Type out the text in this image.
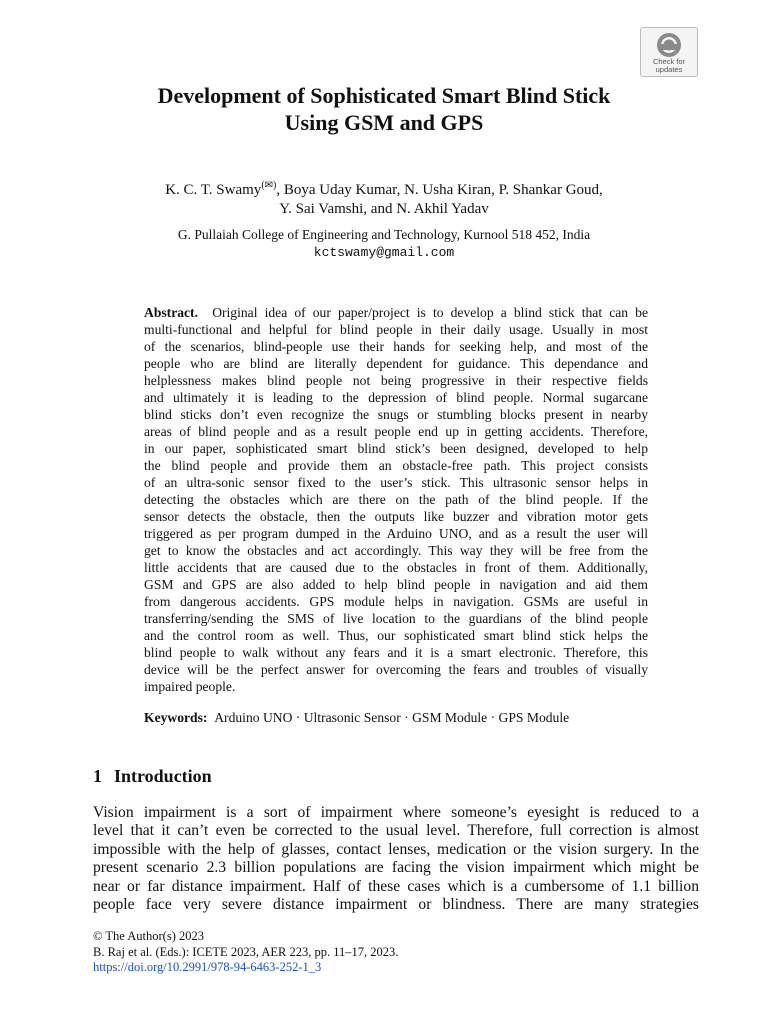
Check for
updates
Development of Sophisticated Smart Blind Stick
Using GSM and GPS
K. C. T. Swamy(✉), Boya Uday Kumar, N. Usha Kiran, P. Shankar Goud,
Y. Sai Vamshi, and N. Akhil Yadav
G. Pullaiah College of Engineering and Technology, Kurnool 518 452, India
kctswamy@gmail.com
Abstract. Original idea of our paper/project is to develop a blind stick that can be
multi-functional and helpful for blind people in their daily usage. Usually in most
of the scenarios, blind-people use their hands for seeking help, and most of the
people who are blind are literally dependent for guidance. This dependance and
helplessness makes blind people not being progressive in their respective fields
and ultimately it is leading to the depression of blind people. Normal sugarcane
blind sticks don’t even recognize the snugs or stumbling blocks present in nearby
areas of blind people and as a result people end up in getting accidents. Therefore,
in our paper, sophisticated smart blind stick’s been designed, developed to help
the blind people and provide them an obstacle-free path. This project consists
of an ultra-sonic sensor fixed to the user’s stick. This ultrasonic sensor helps in
detecting the obstacles which are there on the path of the blind people. If the
sensor detects the obstacle, then the outputs like buzzer and vibration motor gets
triggered as per program dumped in the Arduino UNO, and as a result the user will
get to know the obstacles and act accordingly. This way they will be free from the
little accidents that are caused due to the obstacles in front of them. Additionally,
GSM and GPS are also added to help blind people in navigation and aid them
from dangerous accidents. GPS module helps in navigation. GSMs are useful in
transferring/sending the SMS of live location to the guardians of the blind people
and the control room as well. Thus, our sophisticated smart blind stick helps the
blind people to walk without any fears and it is a smart electronic. Therefore, this
device will be the perfect answer for overcoming the fears and troubles of visually
impaired people.
Keywords: Arduino UNO · Ultrasonic Sensor · GSM Module · GPS Module
1 Introduction
Vision impairment is a sort of impairment where someone’s eyesight is reduced to a
level that it can’t even be corrected to the usual level. Therefore, full correction is almost
impossible with the help of glasses, contact lenses, medication or the vision surgery. In the
present scenario 2.3 billion populations are facing the vision impairment which might be
near or far distance impairment. Half of these cases which is a cumbersome of 1.1 billion
people face very severe distance impairment or blindness. There are many strategies
© The Author(s) 2023
B. Raj et al. (Eds.): ICETE 2023, AER 223, pp. 11–17, 2023.
https://doi.org/10.2991/978-94-6463-252-1_3
